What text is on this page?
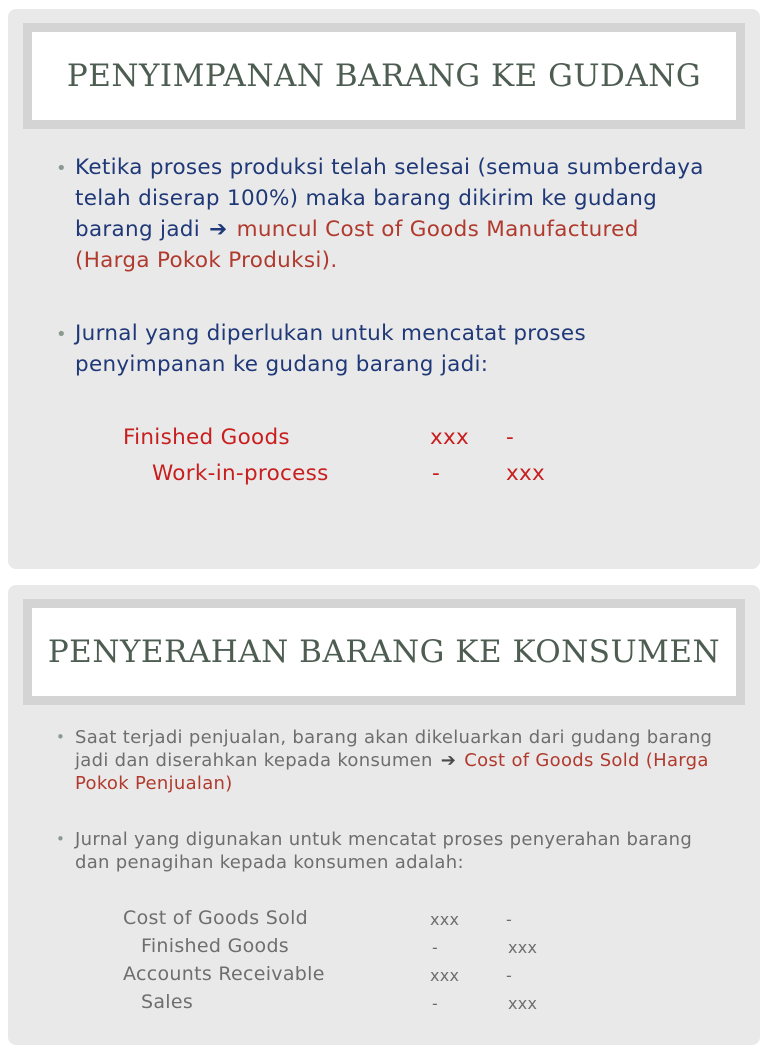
PENYIMPANAN BARANG KE GUDANG
• Ketika proses produksi telah selesai (semua sumberdaya telah diserap 100%) maka barang dikirim ke gudang barang jadi ➔ muncul Cost of Goods Manufactured (Harga Pokok Produksi).
• Jurnal yang diperlukan untuk mencatat proses penyimpanan ke gudang barang jadi:
Finished Goods	xxx -
Work-in-process	-	xxx
PENYERAHAN BARANG KE KONSUMEN
• Saat terjadi penjualan, barang akan dikeluarkan dari gudang barang jadi dan diserahkan kepada konsumen ➔ Cost of Goods Sold (Harga Pokok Penjualan)
• Jurnal yang digunakan untuk mencatat proses penyerahan barang dan penagihan kepada konsumen adalah:
Cost of Goods Sold	xxx	-
Finished Goods	-	xxx
Accounts Receivable	xxx	-
Sales	-	xxx
